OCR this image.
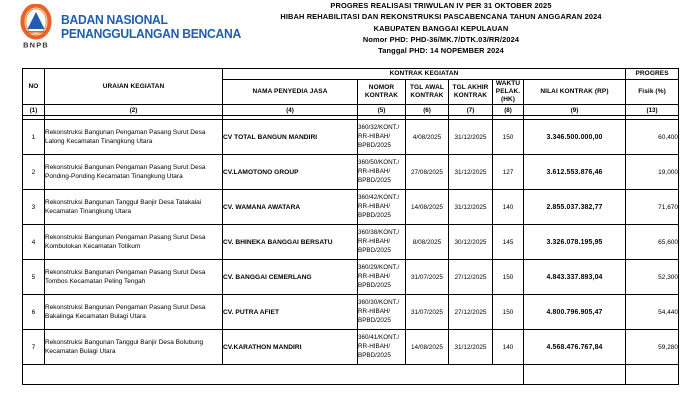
BNPB
BADAN NASIONAL
PENANGGULANGAN BENCANA
PROGRES REALISASI TRIWULAN IV PER 31 OKTOBER 2025
HIBAH REHABILITASI DAN REKONSTRUKSI PASCABENCANA TAHUN ANGGARAN 2024
KABUPATEN BANGGAI KEPULAUAN
Nomor PHD: PHD-36/MK.7/DTK.03/RR/2024
Tanggal PHD: 14 NOPEMBER 2024
NO	URAIAN KEGIATAN	KONTRAK KEGIATAN						PROGRES
		NAMA PENYEDIA JASA	NOMOR KONTRAK	TGL AWAL KONTRAK	TGL AKHIR KONTRAK	WAKTU PELAK. (HK)	NILAI KONTRAK (RP)	Fisik (%)
(1)	(2)	(4)	(5)	(6)	(7)	(8)	(9)	(13)

1	Rekonstruksi Bangunan Pengaman Pasang Surut Desa Lalong Kecamatan Tinangkung Utara	CV TOTAL BANGUN MANDIRI	360/32/KONT./ RR-HIBAH/ BPBD/2025	4/08/2025	31/12/2025	150	3.346.500.000,00	60,400
2	Rekonstruksi Bangunan Pengaman Pasang Surut Desa Ponding-Ponding Kecamatan Tinangkung Utara	CV.LAMOTONO GROUP	360/50/KONT./ RR-HIBAH/ BPBD/2025	27/08/2025	31/12/2025	127	3.612.553.876,46	19,000
3	Rekonstruksi Bangunan Tanggul Banjir Desa Tatakalai Kecamatan Tinangkung Utara	CV. WAMANA AWATARA	360/42/KONT./ RR-HIBAH/ BPBD/2025	14/08/2025	31/12/2025	140	2.855.037.382,77	71,670
4	Rekonstruksi Bangunan Pengaman Pasang Surut Desa Kombutokan Kecamatan Totikum	CV. BHINEKA BANGGAI BERSATU	360/38/KONT./ RR-HIBAH/ BPBD/2025	8/08/2025	30/12/2025	145	3.326.078.195,95	65,600
5	Rekonstruksi Bangunan Pengaman Pasang Surut Desa Tombos Kecamatan Peling Tengah	CV. BANGGAI CEMERLANG	360/29/KONT./ RR-HIBAH/ BPBD/2025	31/07/2025	27/12/2025	150	4.843.337.893,04	52,300
6	Rekonstruksi Bangunan Pengaman Pasang Surut Desa Bakalinga Kecamatan Bulagi Utara	CV. PUTRA AFIET	360/30/KONT./ RR-HIBAH/ BPBD/2025	31/07/2025	27/12/2025	150	4.800.796.905,47	54,440
7	Rekonstruksi Bangunan Tanggul Banjir Desa Bolubung Kecamatan Bulagi Utara	CV.KARATHON MANDIRI	360/41/KONT./ RR-HIBAH/ BPBD/2025	14/08/2025	31/12/2025	140	4.568.476.767,84	59,280
